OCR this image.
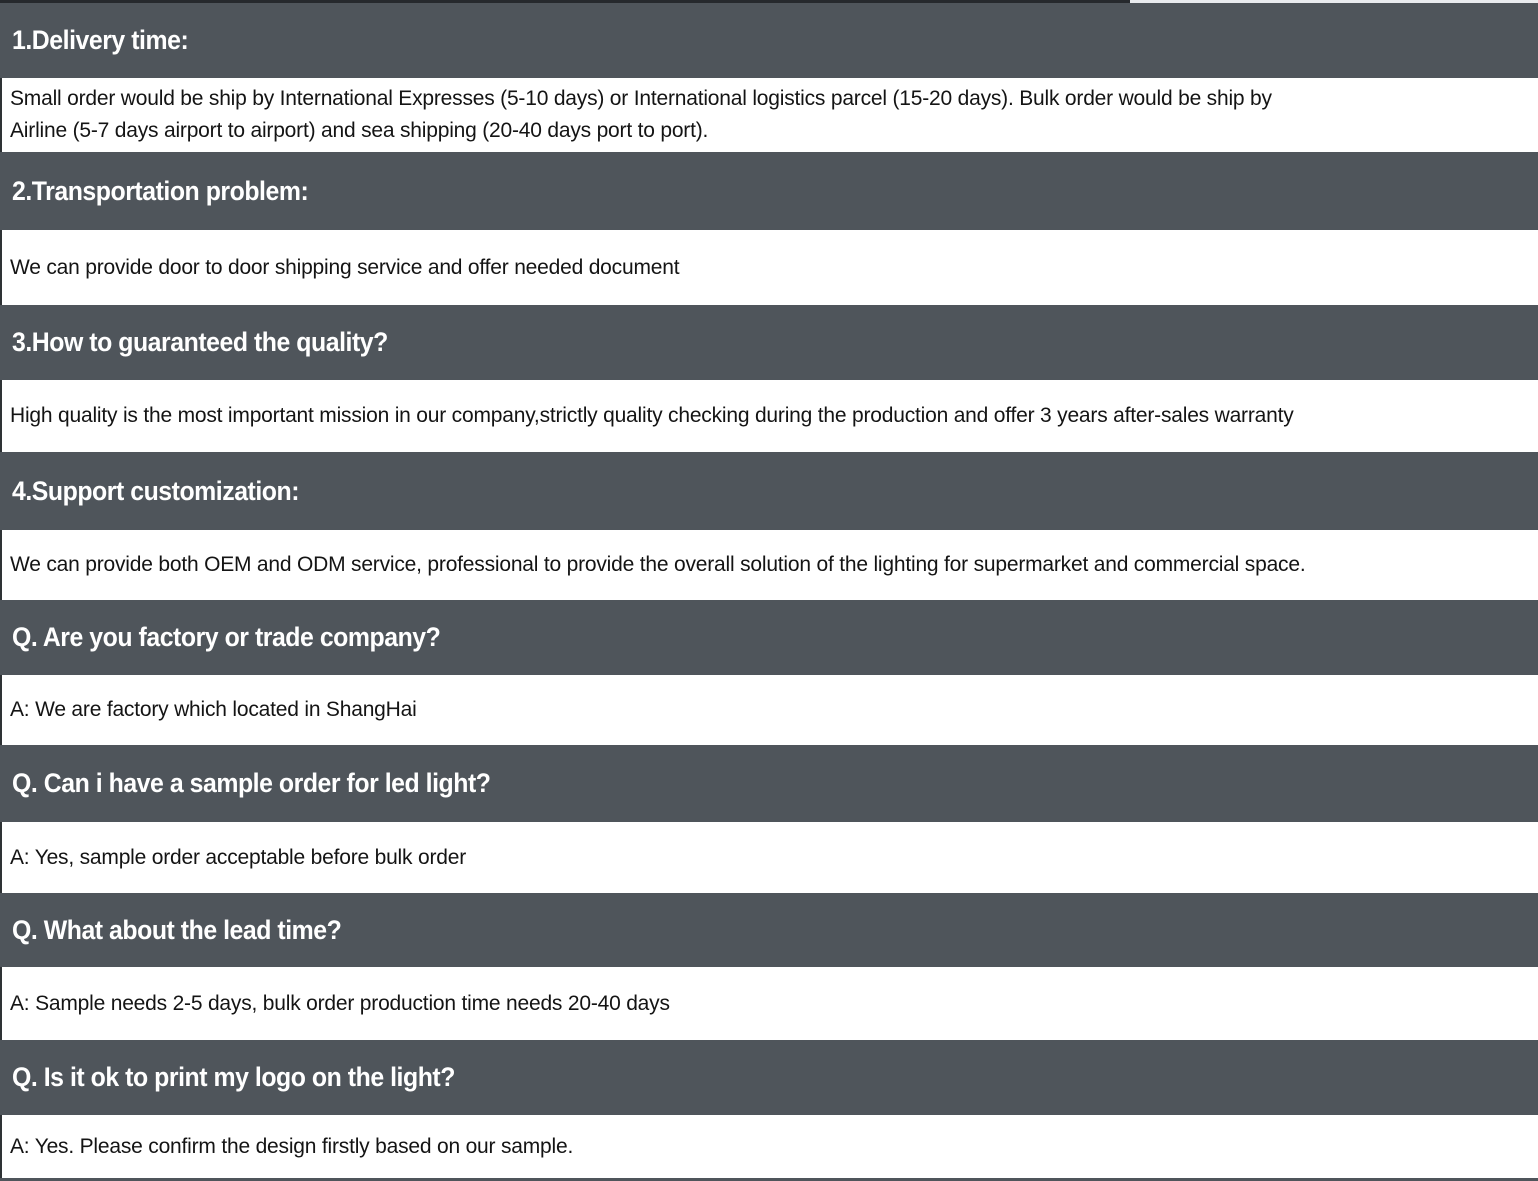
1.Delivery time:

Small order would be ship by International Expresses (5-10 days) or International logistics parcel (15-20 days). Bulk order would be ship by

Airline (5-7 days airport to airport) and sea shipping (20-40 days port to port).

2.Transportation problem:

We can provide door to door shipping service and offer needed document

3.How to guaranteed the quality?

High quality is the most important mission in our company,strictly quality checking during the production and offer 3 years after-sales warranty

4.Support customization:

We can provide both OEM and ODM service, professional to provide the overall solution of the lighting for supermarket and commercial space.

Q. Are you factory or trade company?

A: We are factory which located in ShangHai

Q. Can i have a sample order for led light?

A: Yes, sample order acceptable before bulk order

Q. What about the lead time?

A: Sample needs 2-5 days, bulk order production time needs 20-40 days

Q. Is it ok to print my logo on the light?

A: Yes. Please confirm the design firstly based on our sample.
